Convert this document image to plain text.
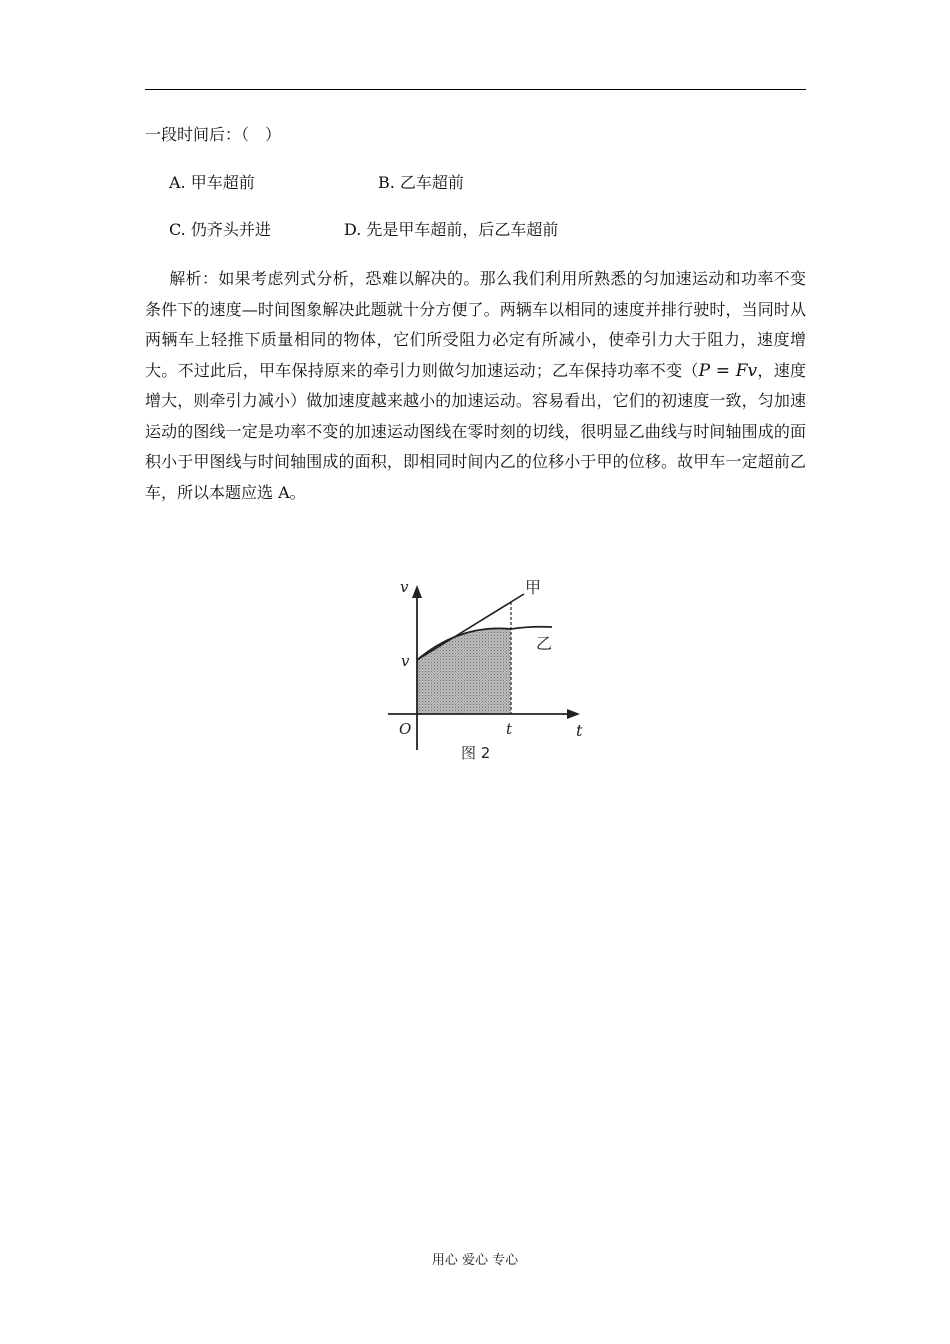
一段时间后：（　）
A. 甲车超前	B. 乙车超前
C. 仍齐头并进	D. 先是甲车超前，后乙车超前
解析：如果考虑列式分析，恐难以解决的。那么我们利用所熟悉的匀加速运动和功率不变条件下的速度—时间图象解决此题就十分方便了。两辆车以相同的速度并排行驶时，当同时从两辆车上轻推下质量相同的物体，它们所受阻力必定有所减小，使牵引力大于阻力，速度增大。不过此后，甲车保持原来的牵引力则做匀加速运动；乙车保持功率不变（P = Fv，速度增大，则牵引力减小）做加速度越来越小的加速运动。容易看出，它们的初速度一致，匀加速运动的图线一定是功率不变的加速运动图线在零时刻的切线，很明显乙曲线与时间轴围成的面积小于甲图线与时间轴围成的面积，即相同时间内乙的位移小于甲的位移。故甲车一定超前乙车，所以本题应选 A。
v
v
O	t	t
甲
乙
图 2
用心 爱心 专心
